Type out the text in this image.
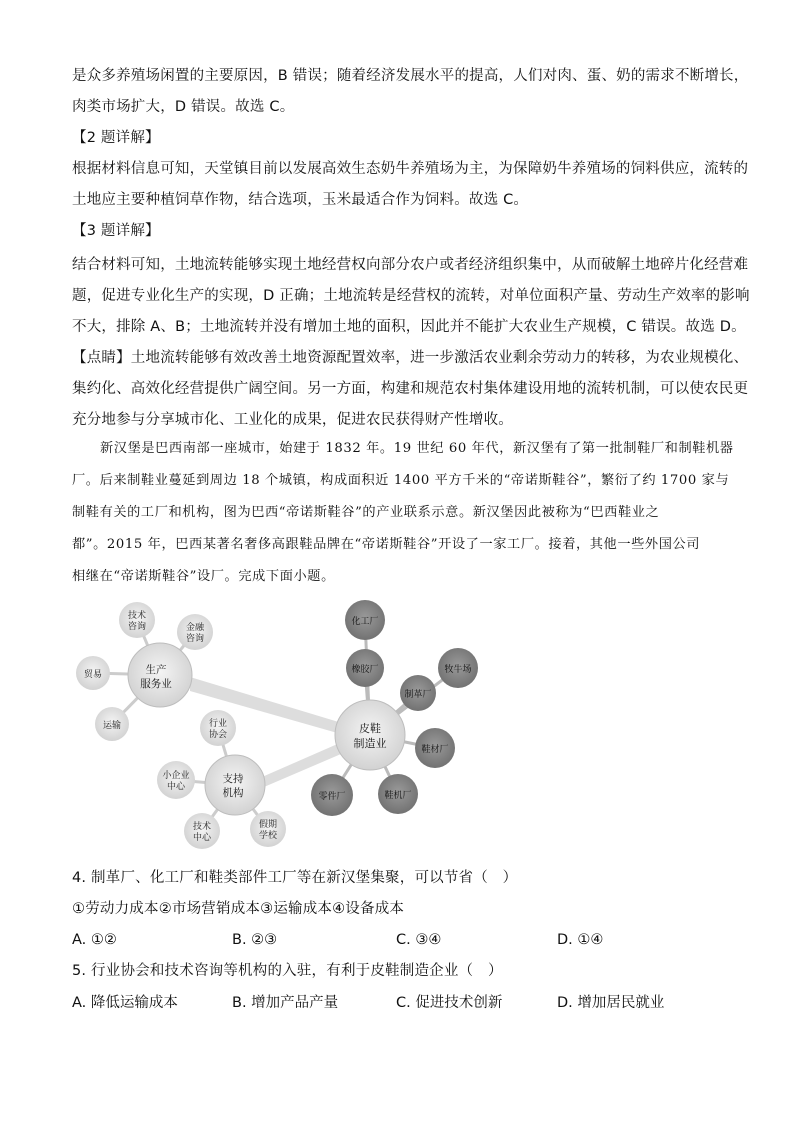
是众多养殖场闲置的主要原因，B 错误；随着经济发展水平的提高，人们对肉、蛋、奶的需求不断增长，
肉类市场扩大，D 错误。故选 C。
【2 题详解】
根据材料信息可知，天堂镇目前以发展高效生态奶牛养殖场为主，为保障奶牛养殖场的饲料供应，流转的
土地应主要种植饲草作物，结合选项，玉米最适合作为饲料。故选 C。
【3 题详解】
结合材料可知，土地流转能够实现土地经营权向部分农户或者经济组织集中，从而破解土地碎片化经营难
题，促进专业化生产的实现，D 正确；土地流转是经营权的流转，对单位面积产量、劳动生产效率的影响
不大，排除 A、B；土地流转并没有增加土地的面积，因此并不能扩大农业生产规模，C 错误。故选 D。
【点睛】土地流转能够有效改善土地资源配置效率，进一步激活农业剩余劳动力的转移，为农业规模化、
集约化、高效化经营提供广阔空间。另一方面，构建和规范农村集体建设用地的流转机制，可以使农民更
充分地参与分享城市化、工业化的成果，促进农民获得财产性增收。
新汉堡是巴西南部一座城市，始建于 1832 年。19 世纪 60 年代，新汉堡有了第一批制鞋厂和制鞋机器
厂。后来制鞋业蔓延到周边 18 个城镇，构成面积近 1400 平方千米的“帝诺斯鞋谷”，繁衍了约 1700 家与
制鞋有关的工厂和机构，图为巴西“帝诺斯鞋谷”的产业联系示意。新汉堡因此被称为“巴西鞋业之
都”。2015 年，巴西某著名奢侈高跟鞋品牌在“帝诺斯鞋谷”开设了一家工厂。接着，其他一些外国公司
相继在“帝诺斯鞋谷”设厂。完成下面小题。
技术
咨询	金融
咨询
贸易
运输
生产
服务业
行业
协会
小企业
中心
技术
中心
假期
学校
支持
机构
化工厂
橡胶厂	牧牛场
制革厂
鞋材厂
鞋机厂
零件厂
皮鞋
制造业
4. 制革厂、化工厂和鞋类部件工厂等在新汉堡集聚，可以节省（　）
①劳动力成本②市场营销成本③运输成本④设备成本
A. ①②	B. ②③	C. ③④	D. ①④
5. 行业协会和技术咨询等机构的入驻，有利于皮鞋制造企业（　）
A. 降低运输成本	B. 增加产品产量	C. 促进技术创新	D. 增加居民就业
